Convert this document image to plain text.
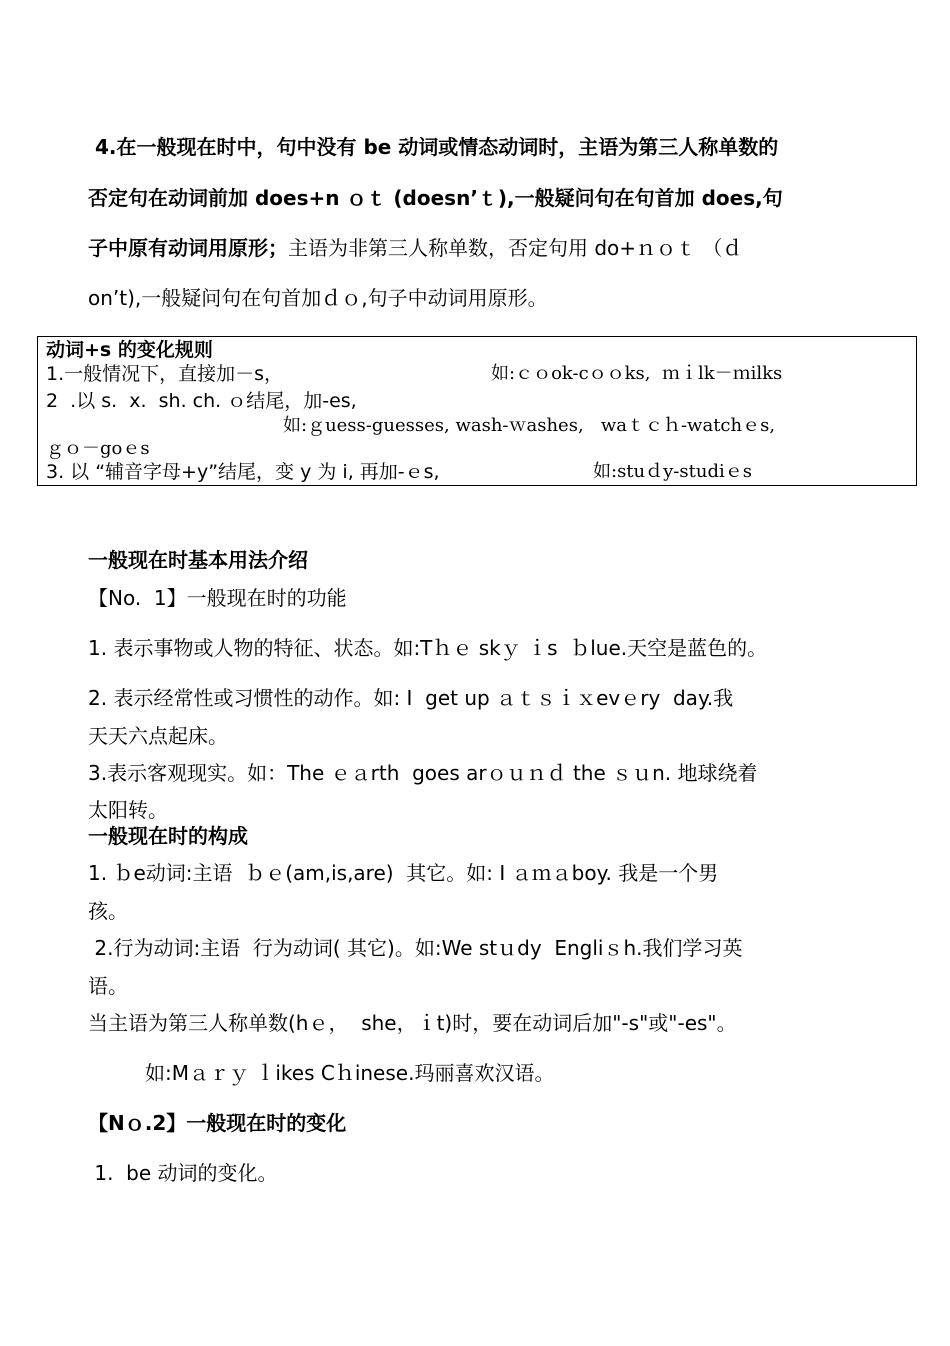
4.在一般现在时中，句中没有 be 动词或情态动词时，主语为第三人称单数的
否定句在动词前加 does+n ｏｔ (doesn’ｔ),一般疑问句在句首加 does,句
子中原有动词用原形；主语为非第三人称单数，否定句用 do+ｎｏｔ （ｄ
on’t),一般疑问句在句首加ｄｏ,句子中动词用原形。
动词+s 的变化规则
1.一般情况下，直接加－s，	如:ｃｏok-cｏｏks,  ｍｉlk－ｍilks
2  .以 s.  x.  sh. ch. ｏ结尾，加-es,
如:ｇuess-guesses, wash-ｗashes,   waｔｃｈ-watchｅs,
ｇｏ－goｅs
3. 以 “辅音字母+y”结尾，变 y 为 i, 再加-ｅs,	如:stuｄy-studiｅs
一般现在时基本用法介绍
【No.  1】一般现在时的功能
1. 表示事物或人物的特征、状态。如:Tｈｅ skｙ ｉs  ｂlue.天空是蓝色的。
2. 表示经常性或习惯性的动作。如: I  get up ａｔｓｉｘevｅry  day.我
天天六点起床。
3.表示客观现实。如：The ｅａrth  goes arｏｕｎｄ the ｓｕn. 地球绕着
太阳转。
一般现在时的构成
1. ｂe动词:主语  ｂｅ(am,is,are)  其它。如: I ａｍａboy. 我是一个男
孩。
2.行为动词:主语  行为动词( 其它)。如:We stｕdy  Engliｓh.我们学习英
语。
当主语为第三人称单数(hｅ，  she，ｉt)时，要在动词后加"-s"或"-es"。
如:Mａｒｙ ｌikes Cｈinese.玛丽喜欢汉语。
【Nｏ.2】一般现在时的变化
1.  be 动词的变化。
